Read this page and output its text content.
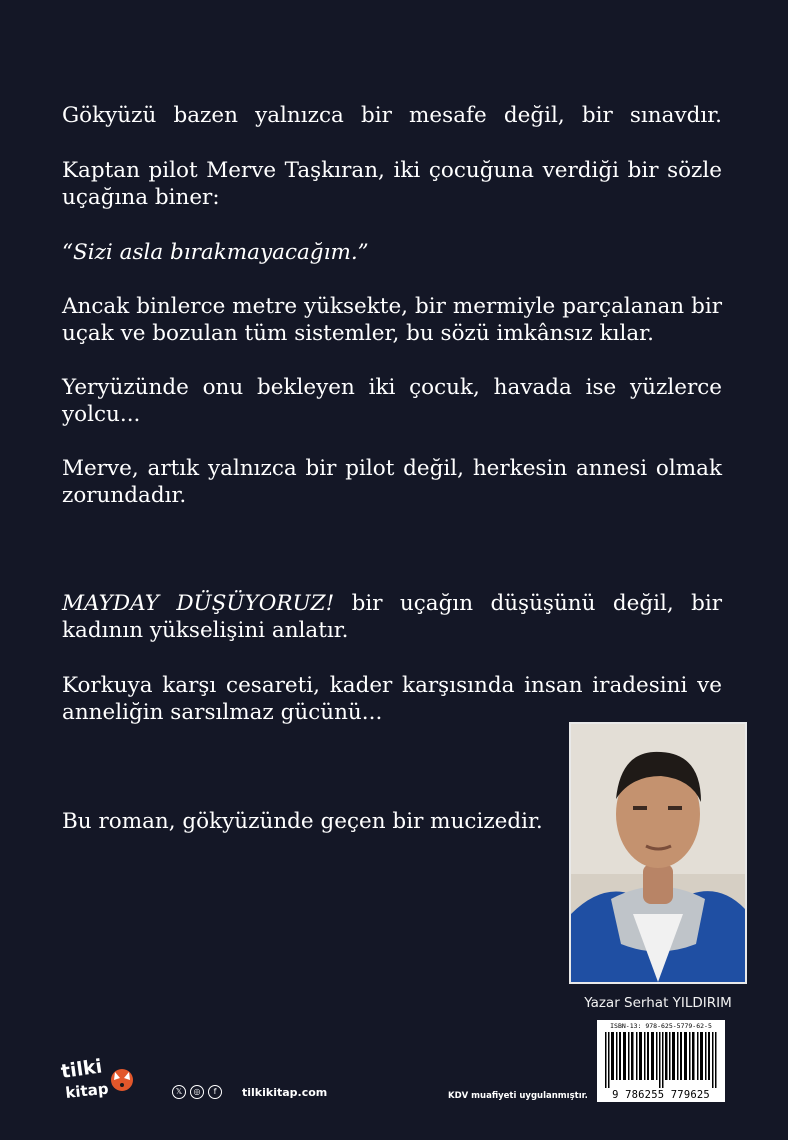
Gökyüzü bazen yalnızca bir mesafe değil, bir sınavdır.

Kaptan pilot Merve Taşkıran, iki çocuğuna verdiği bir sözle uçağına biner:

“Sizi asla bırakmayacağım.”

Ancak binlerce metre yüksekte, bir mermiyle parçalanan bir uçak ve bozulan tüm sistemler, bu sözü imkânsız kılar.

Yeryüzünde onu bekleyen iki çocuk, havada ise yüzlerce yolcu...

Merve, artık yalnızca bir pilot değil, herkesin annesi olmak zorundadır.

MAYDAY DÜŞÜYORUZ! bir uçağın düşüşünü değil, bir kadının yükselişini anlatır.

Korkuya karşı cesareti, kader karşısında insan iradesini ve anneliğin sarsılmaz gücünü...

Bu roman, gökyüzünde geçen bir mucizedir.

Yazar Serhat YILDIRIM
ISBN-13: 978-625-5779-62-5
9 786255 779625
tilki
kitap	𝕏	◎	f	tilkikitap.com	KDV muafiyeti uygulanmıştır.
